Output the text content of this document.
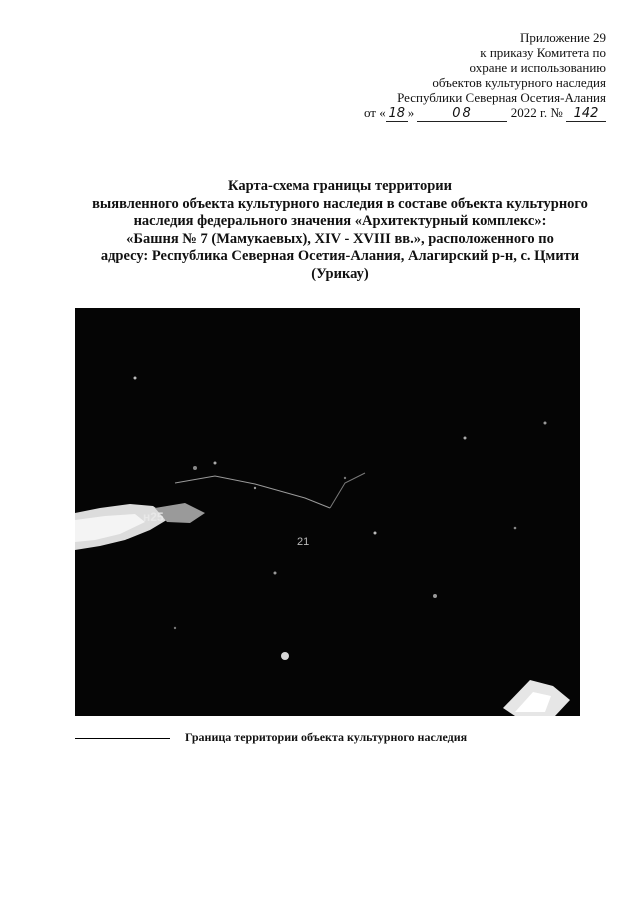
Приложение 29
к приказу Комитета по
охране и использованию
объектов культурного наследия
Республики Северная Осетия-Алания
от « 18 »	08	2022 г. № 142
Карта-схема границы территории
выявленного объекта культурного наследия в составе объекта культурного
наследия федерального значения «Архитектурный комплекс»:
«Башня № 7 (Мамукаевых), XIV - XVIII вв.», расположенного по
адресу: Республика Северная Осетия-Алания, Алагирский р-н, с. Цмити
(Урикау)
н25
21
Граница территории объекта культурного наследия
